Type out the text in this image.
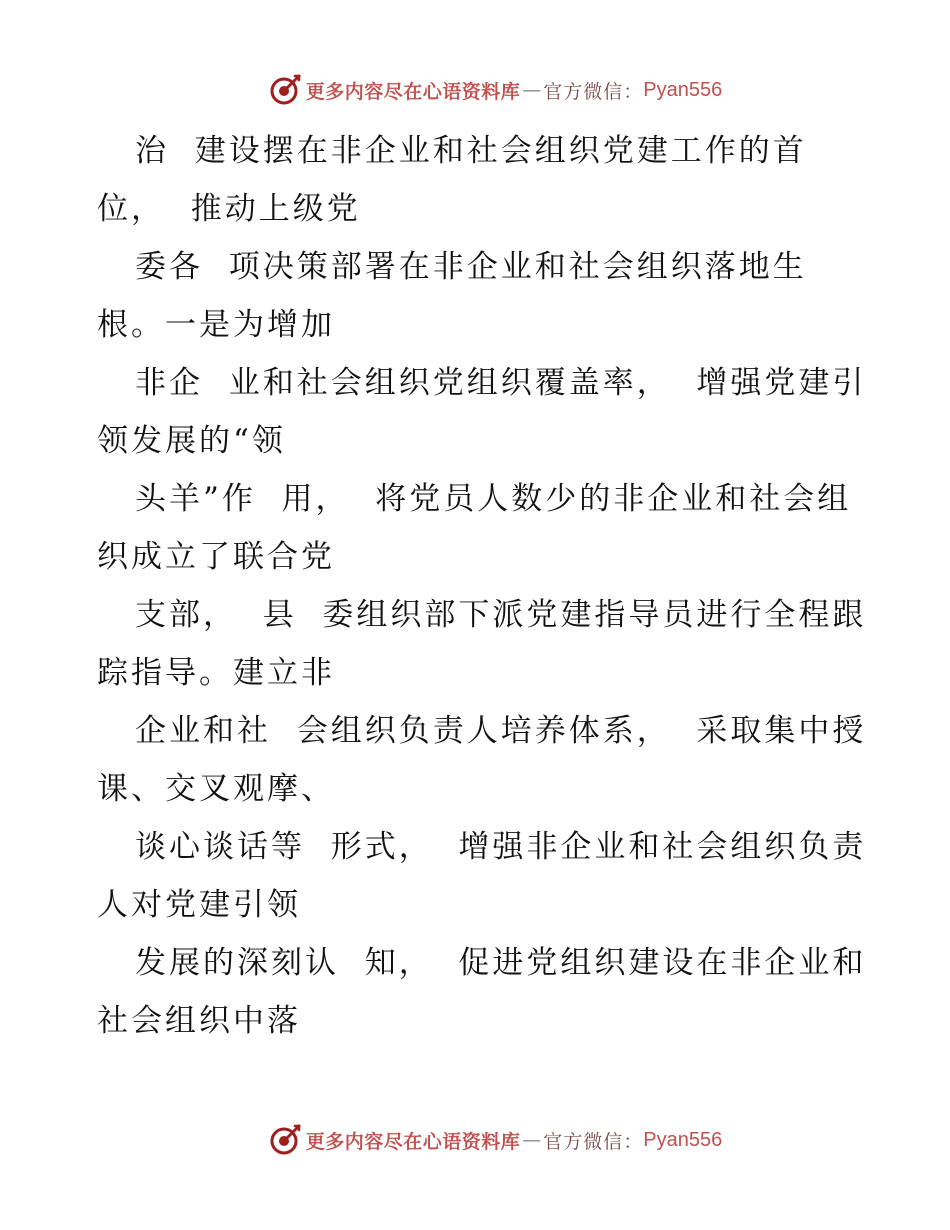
更多内容尽在心语资料库 — 官方微信： Pyan556
治  建设摆在非企业和社会组织党建工作的首
位，  推动上级党
委各  项决策部署在非企业和社会组织落地生
根。一是为增加
非企  业和社会组织党组织覆盖率，  增强党建引
领发展的“领
头羊”作  用，  将党员人数少的非企业和社会组
织成立了联合党
支部，  县  委组织部下派党建指导员进行全程跟
踪指导。建立非
企业和社  会组织负责人培养体系，  采取集中授
课、交叉观摩、
谈心谈话等  形式，  增强非企业和社会组织负责
人对党建引领
发展的深刻认  知，  促进党组织建设在非企业和
社会组织中落
更多内容尽在心语资料库 — 官方微信： Pyan556
